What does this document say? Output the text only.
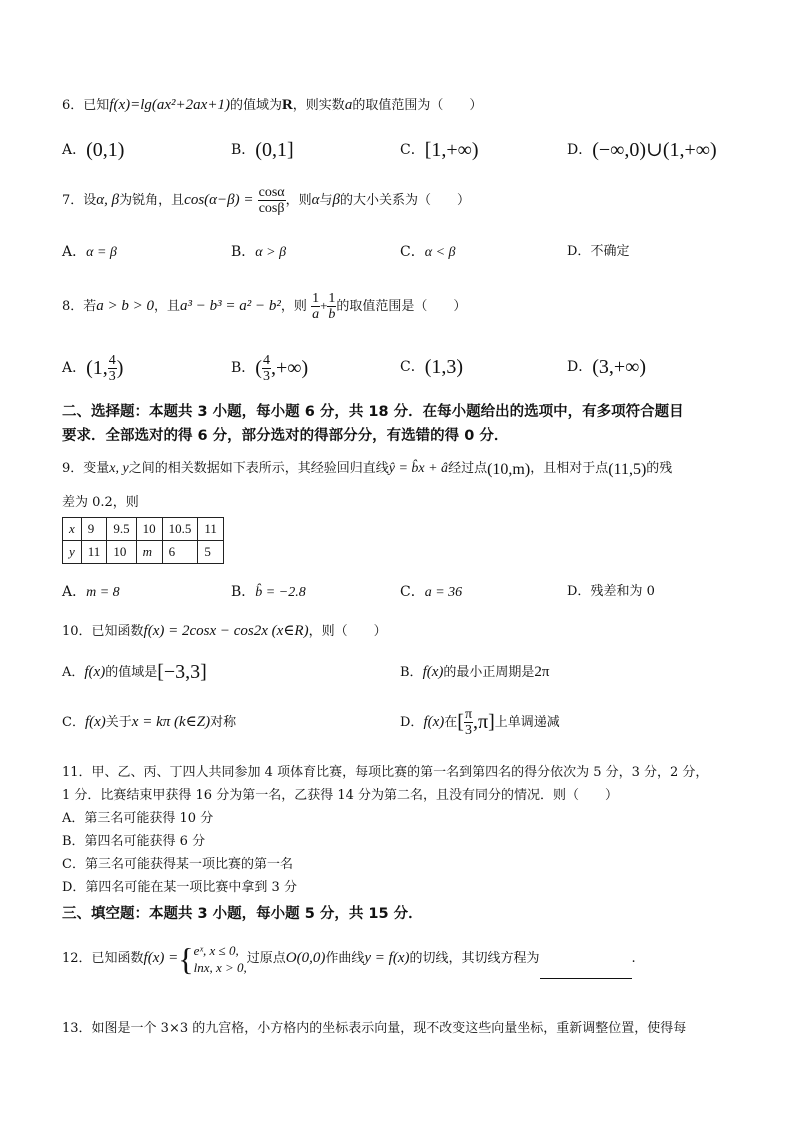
6．已知f(x)=lg(ax²+2ax+1)的值域为R，则实数a的取值范围为（　　）
A．(0,1)	B．(0,1]	C．[1,+∞)	D．(−∞,0)∪(1,+∞)
7．设α, β为锐角，且$\cos(\alpha-\beta) = \frac{\cos\alpha}{\cos\beta}$ ，则α与β的大小关系为（　　）
A．α = β	B．α > β	C．α < β	D．不确定
8．若a > b > 0，且a³ − b³ = a² − b²，则 $\frac{1}{a} + \frac{1}{b}$ 的取值范围是（　　）
A．(1, $\frac{4}{3}$ )	B．( $\frac{4}{3}$ ,+∞)	C．(1,3)	D．(3,+∞)
二、选择题：本题共 3 小题，每小题 6 分，共 18 分．在每小题给出的选项中，有多项符合题目
要求．全部选对的得 6 分，部分选对的得部分分，有选错的得 0 分．
9．变量x, y之间的相关数据如下表所示，其经验回归直线ŷ = b̂x + â经过点(10,m)，且相对于点(11,5)的残
差为 0.2，则
x	9	9.5	10	10.5	11
y	11	10	m	6	5
A．m = 8	B．b̂ = −2.8	C．a = 36	D．残差和为 0
10．已知函数f(x) = 2cosx − cos2x (x∈R)，则（　　）
A．f(x)的值域是[−3,3]	B．f(x)的最小正周期是2π
C．f(x)关于x = kπ (k∈Z)对称	D．f(x)在[ $\frac{\pi}{3} ,\pi$]上单调递减
11．甲、乙、丙、丁四人共同参加 4 项体育比赛，每项比赛的第一名到第四名的得分依次为 5 分，3 分，2 分，
1 分．比赛结束甲获得 16 分为第一名，乙获得 14 分为第二名，且没有同分的情况．则（　　）
A．第三名可能获得 10 分
B．第四名可能获得 6 分
C．第三名可能获得某一项比赛的第一名
D．第四名可能在某一项比赛中拿到 3 分
三、填空题：本题共 3 小题，每小题 5 分，共 15 分．
12．已知函数f(x) ={ eˣ, x ≤ 0,
lnx, x > 0,
过原点O(0,0)作曲线y = f(x)的切线，其切线方程为	.
13．如图是一个 3×3 的九宫格，小方格内的坐标表示向量，现不改变这些向量坐标，重新调整位置，使得每
